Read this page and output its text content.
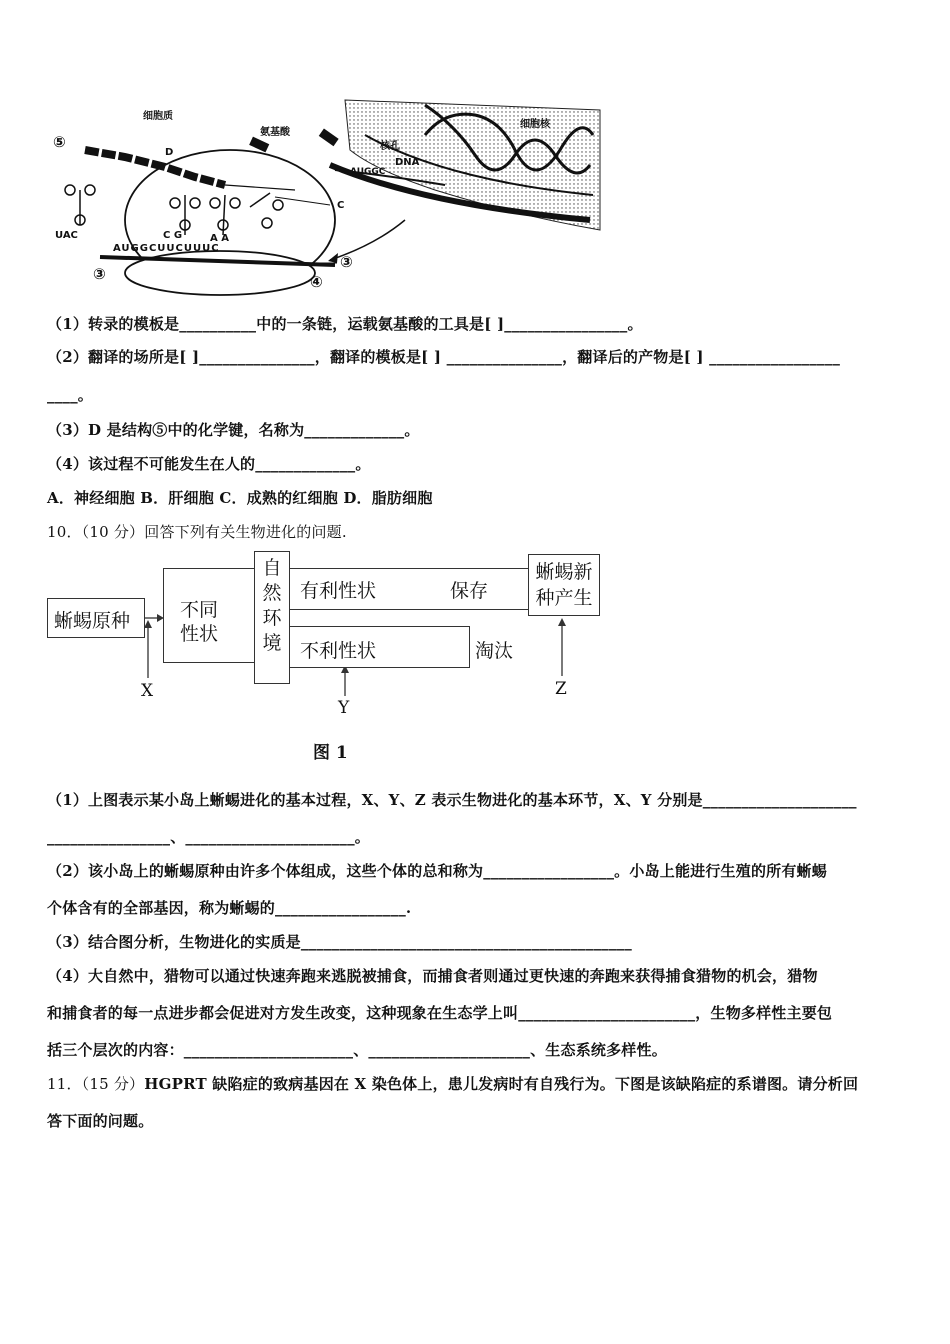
细胞质
氨基酸
细胞核
核孔
DNA
AUGGC
D
C
UAC	C G	A A
AUGGCUUCUUUC
⑤
③
③
④
（1）转录的模板是__________中的一条链，运载氨基酸的工具是[ ]________________。
（2）翻译的场所是[ ]_______________，翻译的模板是[ ] _______________，翻译后的产物是[ ] _________________
____。
（3）D 是结构⑤中的化学键，名称为_____________。
（4）该过程不可能发生在人的_____________。
A．神经细胞 B．肝细胞 C．成熟的红细胞 D．脂肪细胞
10．（10 分）回答下列有关生物进化的问题.
蜥蜴原种	不同
性状
自
然
环
境
有利性状	保存
不利性状	淘汰
蜥蜴新
种产生
X
Y
Z
图 1
（1）上图表示某小岛上蜥蜴进化的基本过程，X、Y、Z 表示生物进化的基本环节，X、Y 分别是____________________
________________、______________________。
（2）该小岛上的蜥蜴原种由许多个体组成，这些个体的总和称为_________________。小岛上能进行生殖的所有蜥蜴
个体含有的全部基因，称为蜥蜴的_________________.
（3）结合图分析，生物进化的实质是___________________________________________
（4）大自然中，猎物可以通过快速奔跑来逃脱被捕食，而捕食者则通过更快速的奔跑来获得捕食猎物的机会，猎物
和捕食者的每一点进步都会促进对方发生改变，这种现象在生态学上叫_______________________，生物多样性主要包
括三个层次的内容：______________________、_____________________、生态系统多样性。
11．（15 分）HGPRT 缺陷症的致病基因在 X 染色体上，患儿发病时有自残行为。下图是该缺陷症的系谱图。请分析回
答下面的问题。
